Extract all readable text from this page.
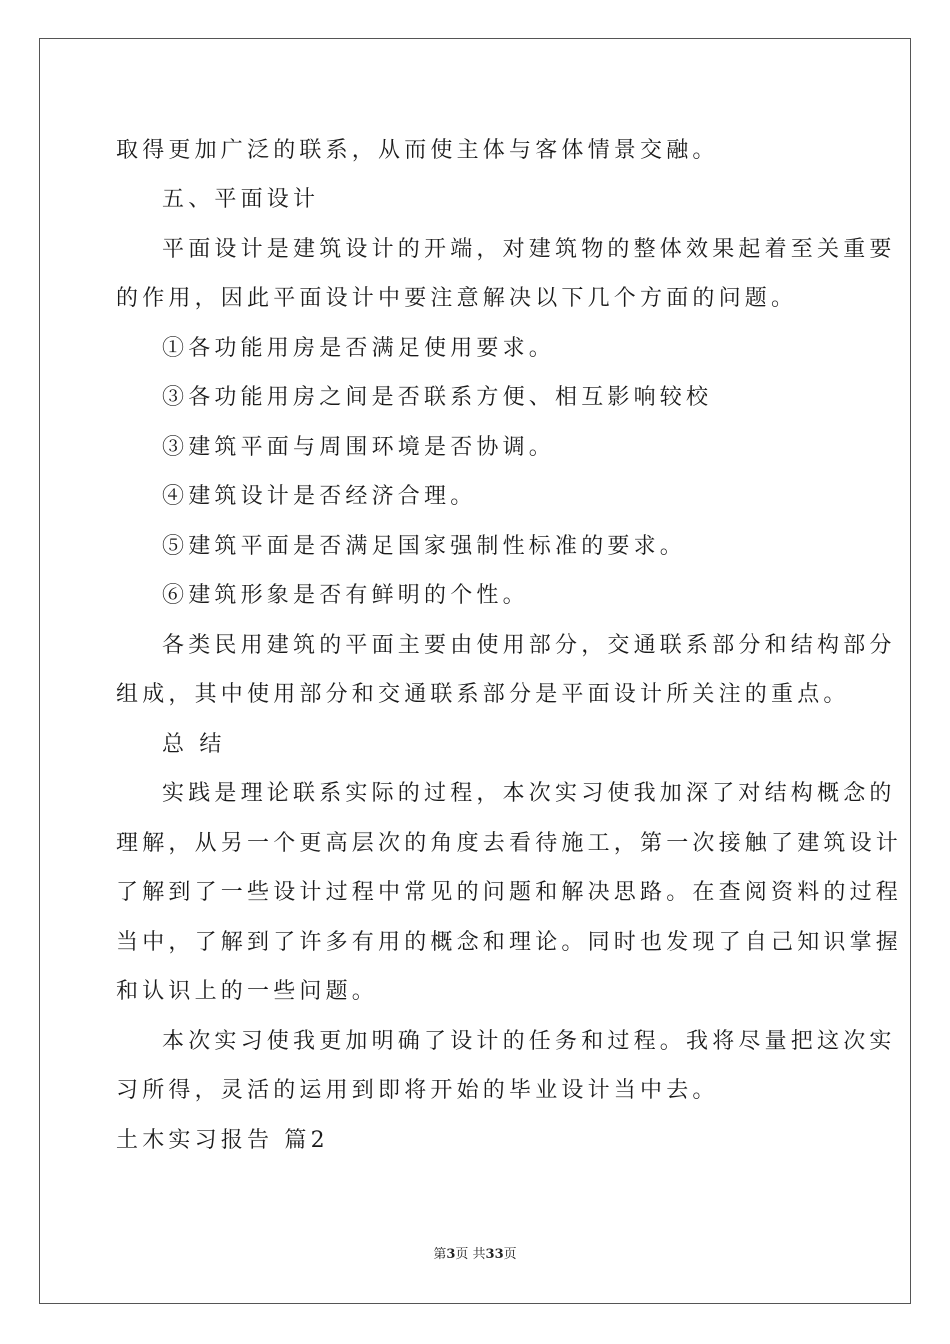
取得更加广泛的联系，从而使主体与客体情景交融。
五、平面设计
平面设计是建筑设计的开端，对建筑物的整体效果起着至关重要
的作用，因此平面设计中要注意解决以下几个方面的问题。
①各功能用房是否满足使用要求。
③各功能用房之间是否联系方便、相互影响较校
③建筑平面与周围环境是否协调。
④建筑设计是否经济合理。
⑤建筑平面是否满足国家强制性标准的要求。
⑥建筑形象是否有鲜明的个性。
各类民用建筑的平面主要由使用部分，交通联系部分和结构部分
组成，其中使用部分和交通联系部分是平面设计所关注的重点。
总 结
实践是理论联系实际的过程，本次实习使我加深了对结构概念的
理解，从另一个更高层次的角度去看待施工，第一次接触了建筑设计
了解到了一些设计过程中常见的问题和解决思路。在查阅资料的过程
当中，了解到了许多有用的概念和理论。同时也发现了自己知识掌握
和认识上的一些问题。
本次实习使我更加明确了设计的任务和过程。我将尽量把这次实
习所得，灵活的运用到即将开始的毕业设计当中去。
土木实习报告 篇2
第3页 共33页
